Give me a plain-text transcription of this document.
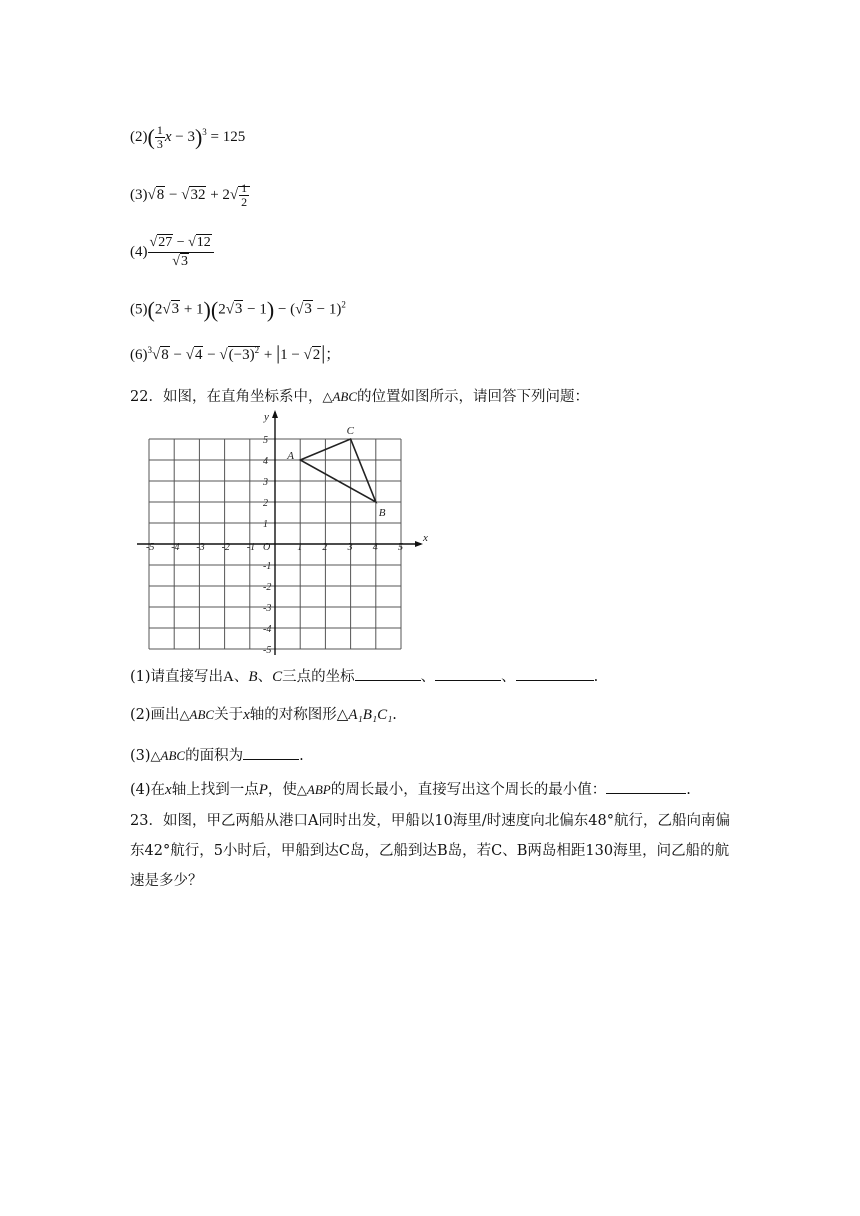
$(2)( \frac{1}{3}$ $x - 3)^3 = 125$
$(3)√8 - √32 + 2√ \frac{1}{2}$
$(4) \frac{√27 - √12}{√3}$
$(5)(2√3 + 1)(2√3 - 1) - (√3 - 1)^2$
$(6)^3√8 - √4 - √(-3)^2 + |1 - √2|$；
22．如图，在直角坐标系中，△ABC的位置如图所示，请回答下列问题：
x
y
-5 -4 -3 -2 -1 O	1 2 3 4 5
5
4
3
2
1
-1
-2
-3
-4
-5
A
C
B
(1)请直接写出A、B、C三点的坐标	、	、	.
(2)画出△ABC关于x轴的对称图形△A₁B₁C₁.
(3)△ABC的面积为	.
(4)在x轴上找到一点P，使△ABP的周长最小，直接写出这个周长的最小值：	.
23．如图，甲乙两船从港口A同时出发，甲船以10海里/时速度向北偏东48°航行，乙船向南偏东42°航行，5小时后，甲船到达C岛，乙船到达B岛，若C、B两岛相距130海里，问乙船的航速是多少？
